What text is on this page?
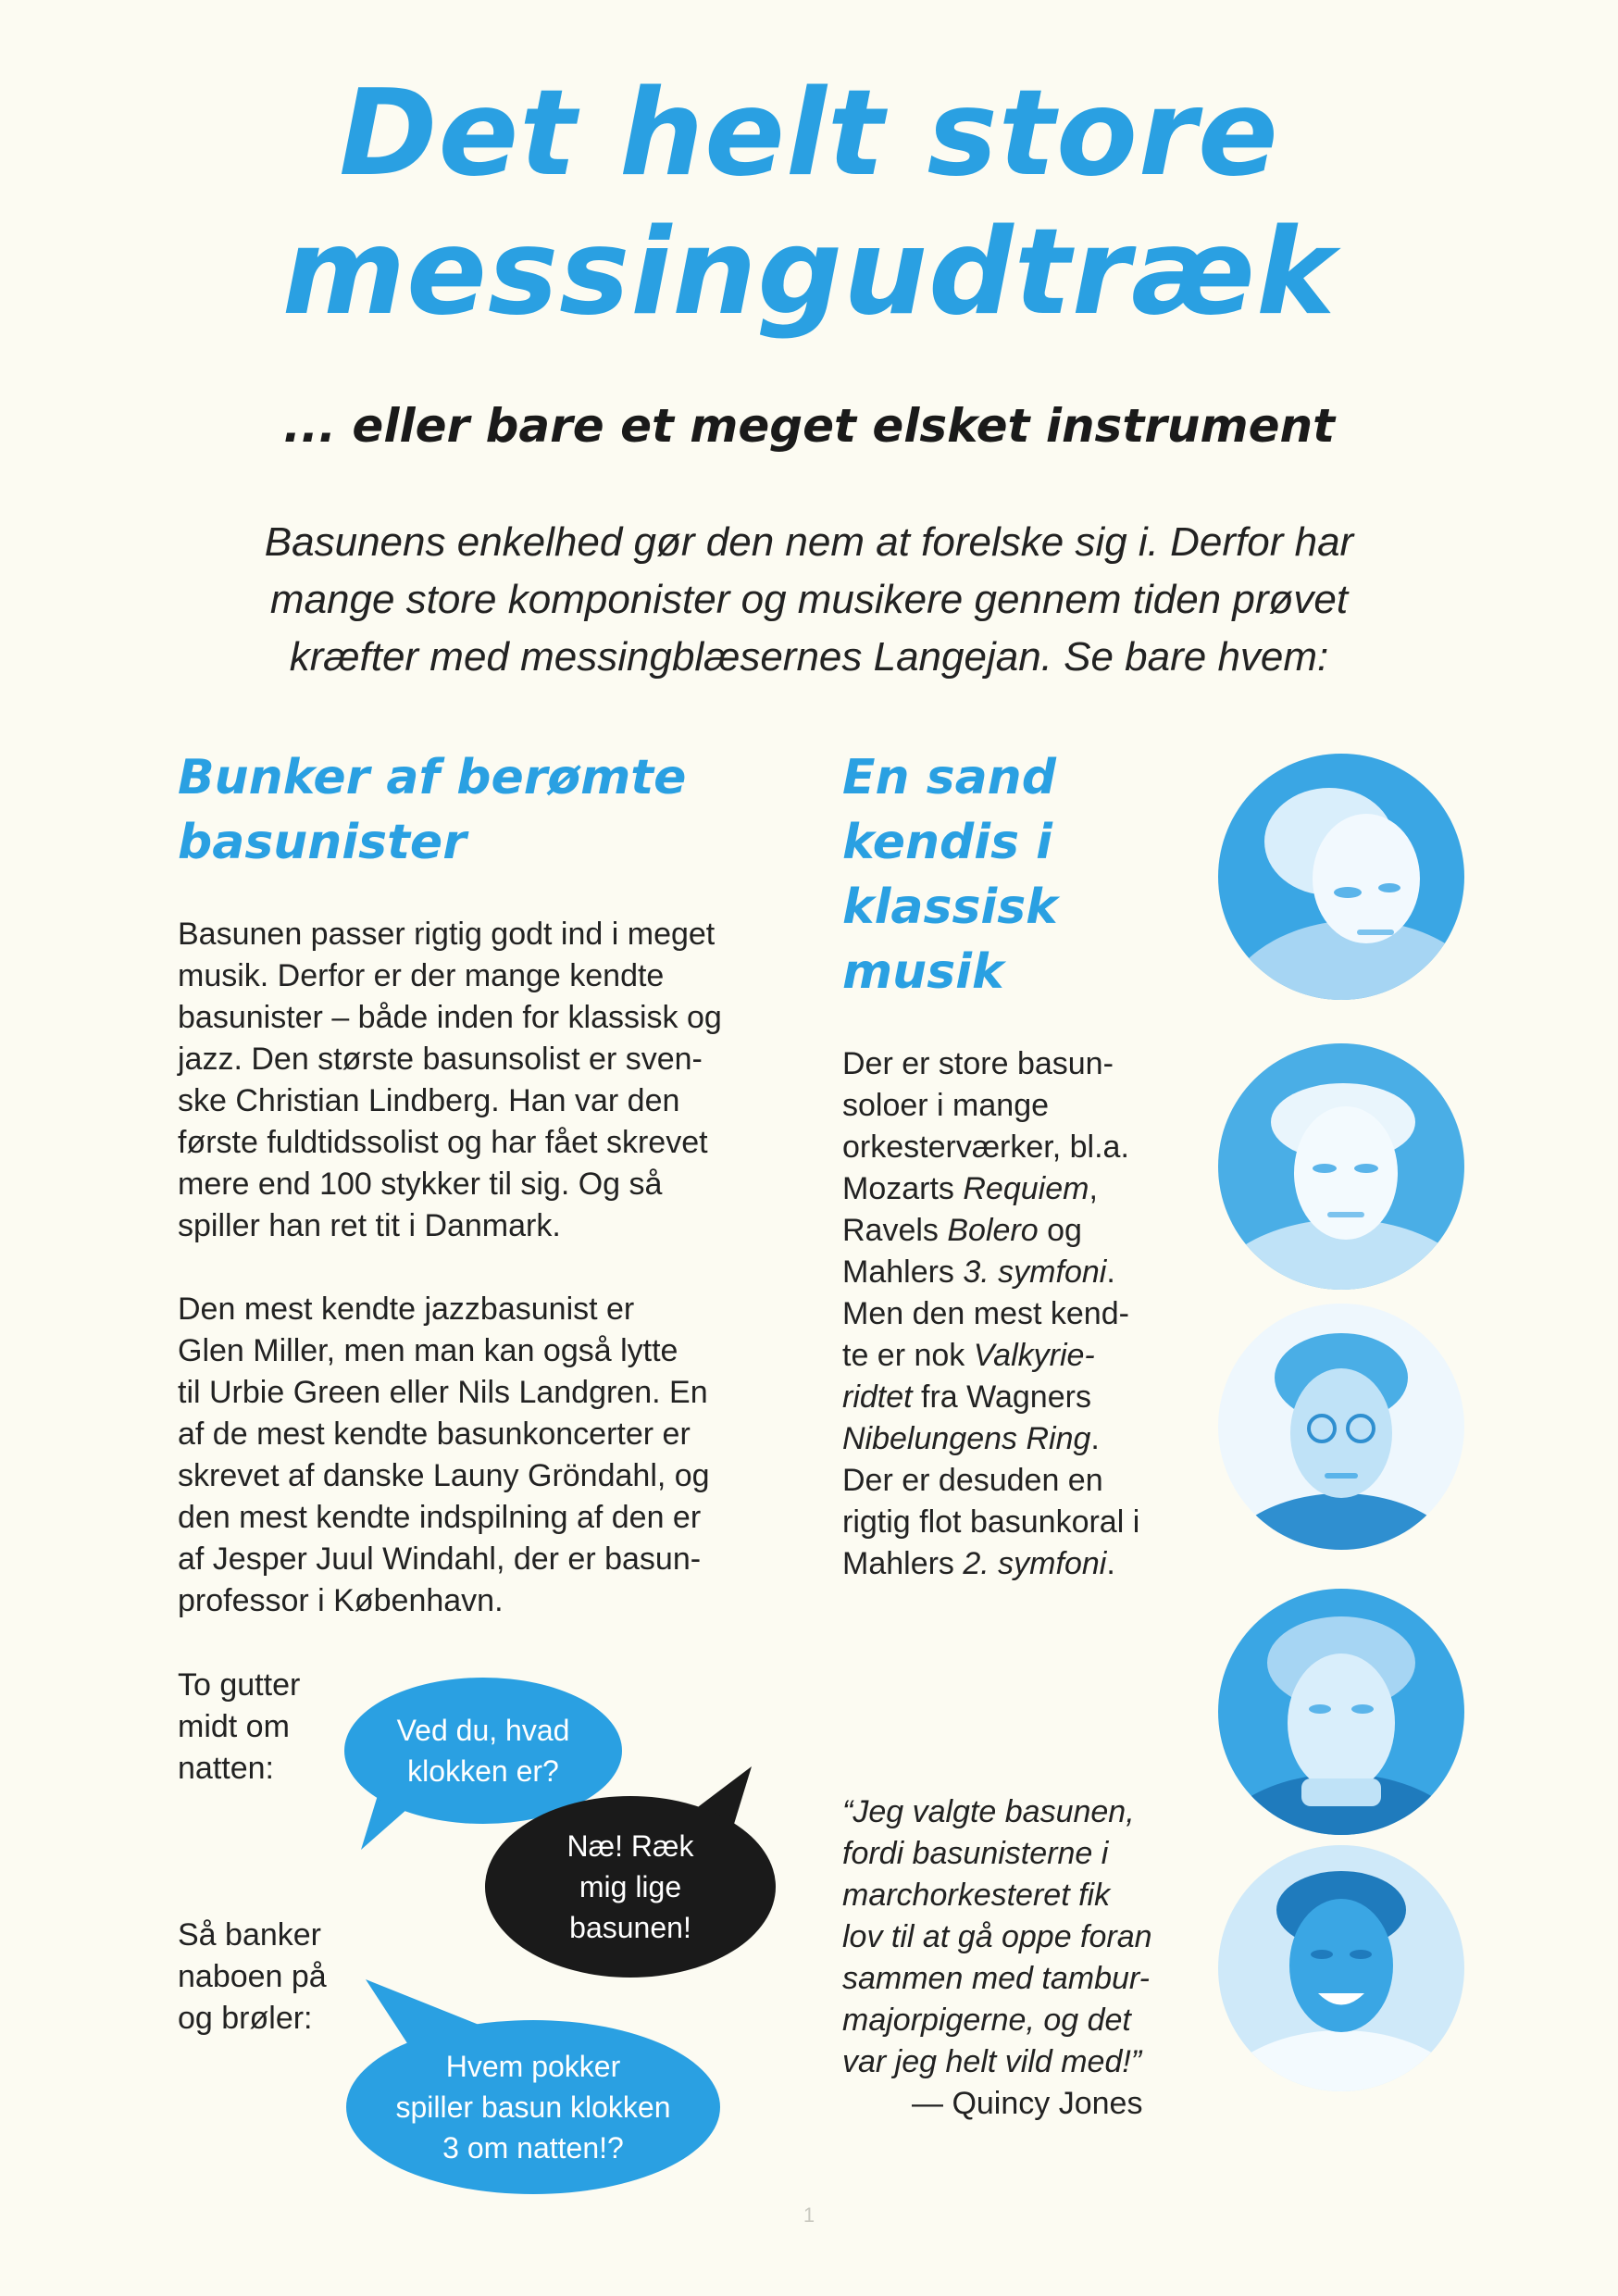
Det helt store
messingudtræk
... eller bare et meget elsket instrument
Basunens enkelhed gør den nem at forelske sig i. Derfor har
mange store komponister og musikere gennem tiden prøvet
kræfter med messingblæsernes Langejan. Se bare hvem:
Bunker af berømte basunister

Basunen passer rigtig godt ind i meget
musik. Derfor er der mange kendte
basunister – både inden for klassisk og
jazz. Den største basunsolist er sven-
ske Christian Lindberg. Han var den
første fuldtidssolist og har fået skrevet
mere end 100 stykker til sig. Og så
spiller han ret tit i Danmark.

Den mest kendte jazzbasunist er
Glen Miller, men man kan også lytte
til Urbie Green eller Nils Landgren. En
af de mest kendte basunkoncerter er
skrevet af danske Launy Gröndahl, og
den mest kendte indspilning af den er
af Jesper Juul Windahl, der er basun-
professor i København.

To gutter
midt om
natten:
Ved du, hvad
klokken er?
Næ! Ræk
mig lige
basunen!
Så banker
naboen på
og brøler:
Hvem pokker
spiller basun klokken
3 om natten!?
En sand kendis i klassisk musik
Der er store basun-
soloer i mange
orkesterværker, bl.a.
Mozarts Requiem,
Ravels Bolero og
Mahlers 3. symfoni.
Men den mest kend-
te er nok Valkyrie-
ridtet fra Wagners
Nibelungens Ring.
Der er desuden en
rigtig flot basunkoral i
Mahlers 2. symfoni.
“Jeg valgte basunen,
fordi basunisterne i
marchorkesteret fik
lov til at gå oppe foran
sammen med tambur-
majorpigerne, og det
var jeg helt vild med!”
— Quincy Jones
1
